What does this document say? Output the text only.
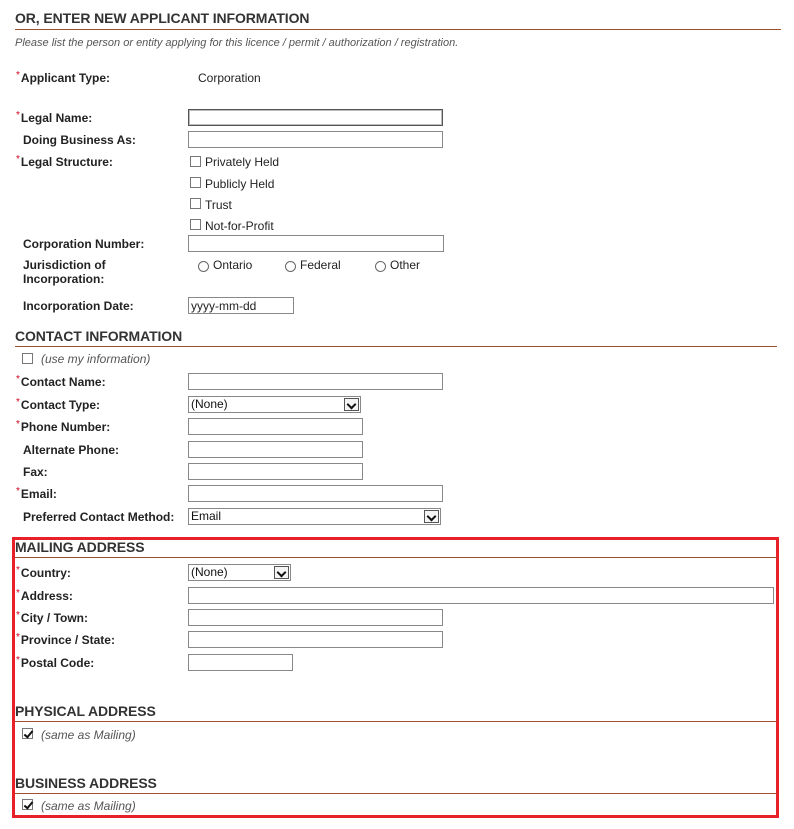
OR, ENTER NEW APPLICANT INFORMATION
Please list the person or entity applying for this licence / permit / authorization / registration.
*Applicant Type:	Corporation
*Legal Name:
Doing Business As:
*Legal Structure:	Privately Held
Publicly Held
Trust
Not-for-Profit
Corporation Number:
Jurisdiction of Incorporation:
Ontario	Federal	Other
Incorporation Date:
yyyy-mm-dd
CONTACT INFORMATION
(use my information)
*Contact Name:
*Contact Type:	(None)
*Phone Number:
Alternate Phone:
Fax:
*Email:
Preferred Contact Method: Email
MAILING ADDRESS
*Country:	(None)
*Address:
*City / Town:
*Province / State:
*Postal Code:
PHYSICAL ADDRESS
(same as Mailing)
BUSINESS ADDRESS
(same as Mailing)
